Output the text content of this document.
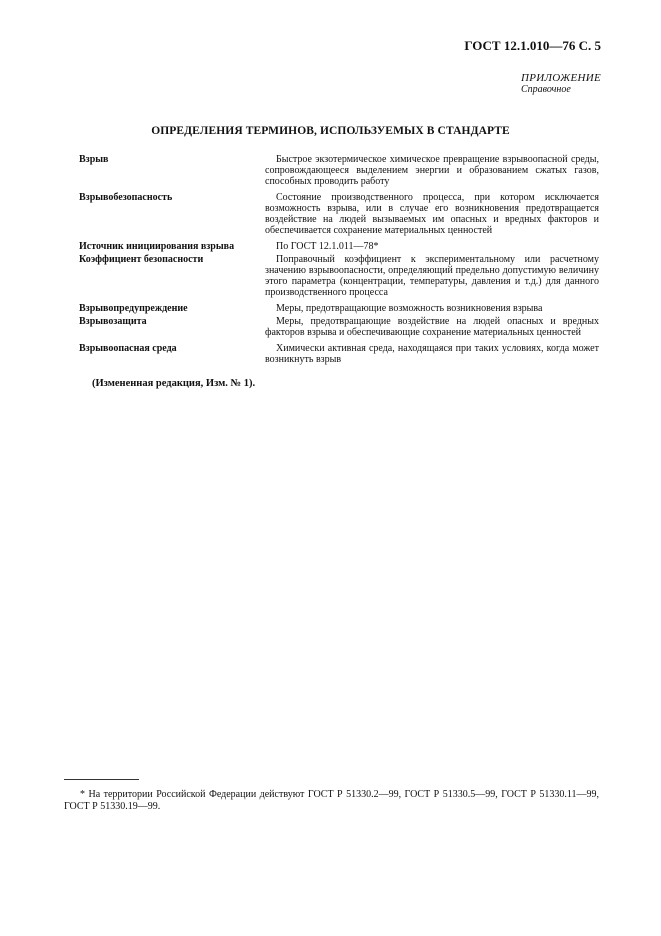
ГОСТ 12.1.010—76 С. 5
ПРИЛОЖЕНИЕ
Справочное
ОПРЕДЕЛЕНИЯ ТЕРМИНОВ, ИСПОЛЬЗУЕМЫХ В СТАНДАРТЕ
Взрыв	Быстрое экзотермическое химическое превращение взрывоопасной среды, сопровождающееся выделением энергии и образованием сжатых газов, способных проводить работу
Взрывобезопасность	Состояние производственного процесса, при котором исключается возможность взрыва, или в случае его возникновения предотвращается воздействие на людей вызываемых им опасных и вредных факторов и обеспечивается сохранение материальных ценностей
Источник инициирования взрыва	По ГОСТ 12.1.011—78*
Коэффициент безопасности	Поправочный коэффициент к экспериментальному или расчетному значению взрывоопасности, определяющий предельно допустимую величину этого параметра (концентрации, температуры, давления и т.д.) для данного производственного процесса
Взрывопредупреждение	Меры, предотвращающие возможность возникновения взрыва
Взрывозащита	Меры, предотвращающие воздействие на людей опасных и вредных факторов взрыва и обеспечивающие сохранение материальных ценностей
Взрывоопасная среда	Химически активная среда, находящаяся при таких условиях, когда может возникнуть взрыв
(Измененная редакция, Изм. № 1).
* На территории Российской Федерации действуют ГОСТ Р 51330.2—99, ГОСТ Р 51330.5—99, ГОСТ Р 51330.11—99, ГОСТ Р 51330.19—99.
